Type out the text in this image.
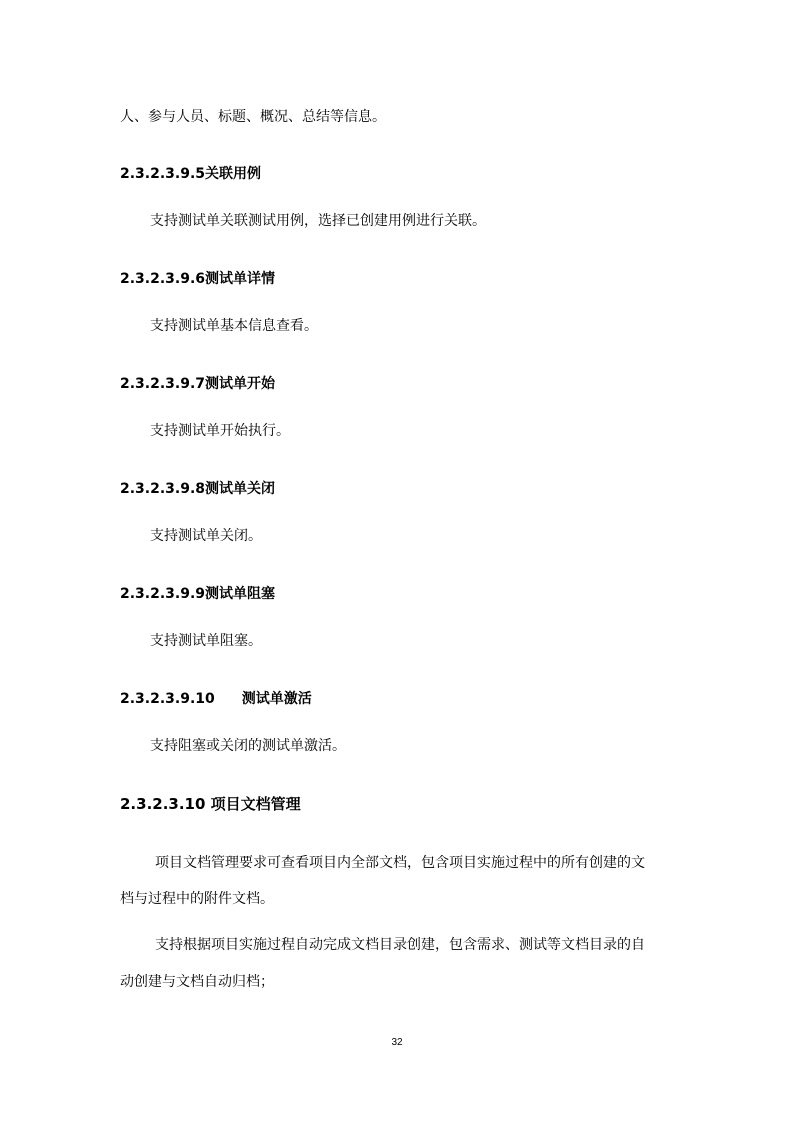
人、参与人员、标题、概况、总结等信息。
2.3.2.3.9.5关联用例
支持测试单关联测试用例，选择已创建用例进行关联。
2.3.2.3.9.6测试单详情
支持测试单基本信息查看。
2.3.2.3.9.7测试单开始
支持测试单开始执行。
2.3.2.3.9.8测试单关闭
支持测试单关闭。
2.3.2.3.9.9测试单阻塞
支持测试单阻塞。
2.3.2.3.9.10 测试单激活
支持阻塞或关闭的测试单激活。
2.3.2.3.10 项目文档管理
项目文档管理要求可查看项目内全部文档，包含项目实施过程中的所有创建的文
档与过程中的附件文档。
支持根据项目实施过程自动完成文档目录创建，包含需求、测试等文档目录的自
动创建与文档自动归档；
32
